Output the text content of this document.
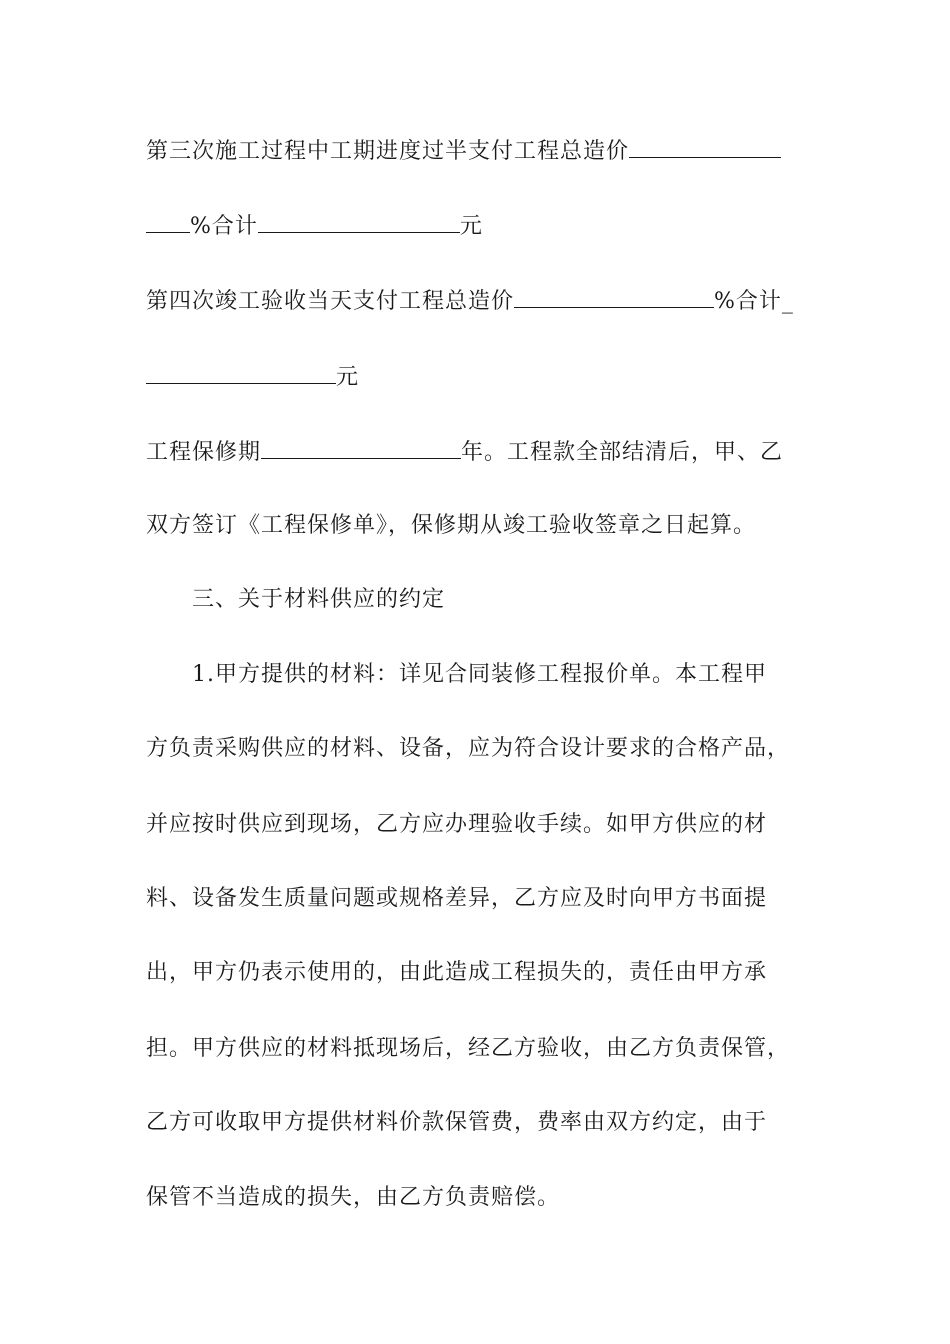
第三次施工过程中工期进度过半支付工程总造价
%合计	元
第四次竣工验收当天支付工程总造价	%合计_
元
工程保修期	年。工程款全部结清后，甲、乙
双方签订《工程保修单》，保修期从竣工验收签章之日起算。
三、关于材料供应的约定
1.甲方提供的材料：详见合同装修工程报价单。本工程甲
方负责采购供应的材料、设备，应为符合设计要求的合格产品，
并应按时供应到现场，乙方应办理验收手续。如甲方供应的材
料、设备发生质量问题或规格差异，乙方应及时向甲方书面提
出，甲方仍表示使用的，由此造成工程损失的，责任由甲方承
担。甲方供应的材料抵现场后，经乙方验收，由乙方负责保管，
乙方可收取甲方提供材料价款保管费，费率由双方约定，由于
保管不当造成的损失，由乙方负责赔偿。
